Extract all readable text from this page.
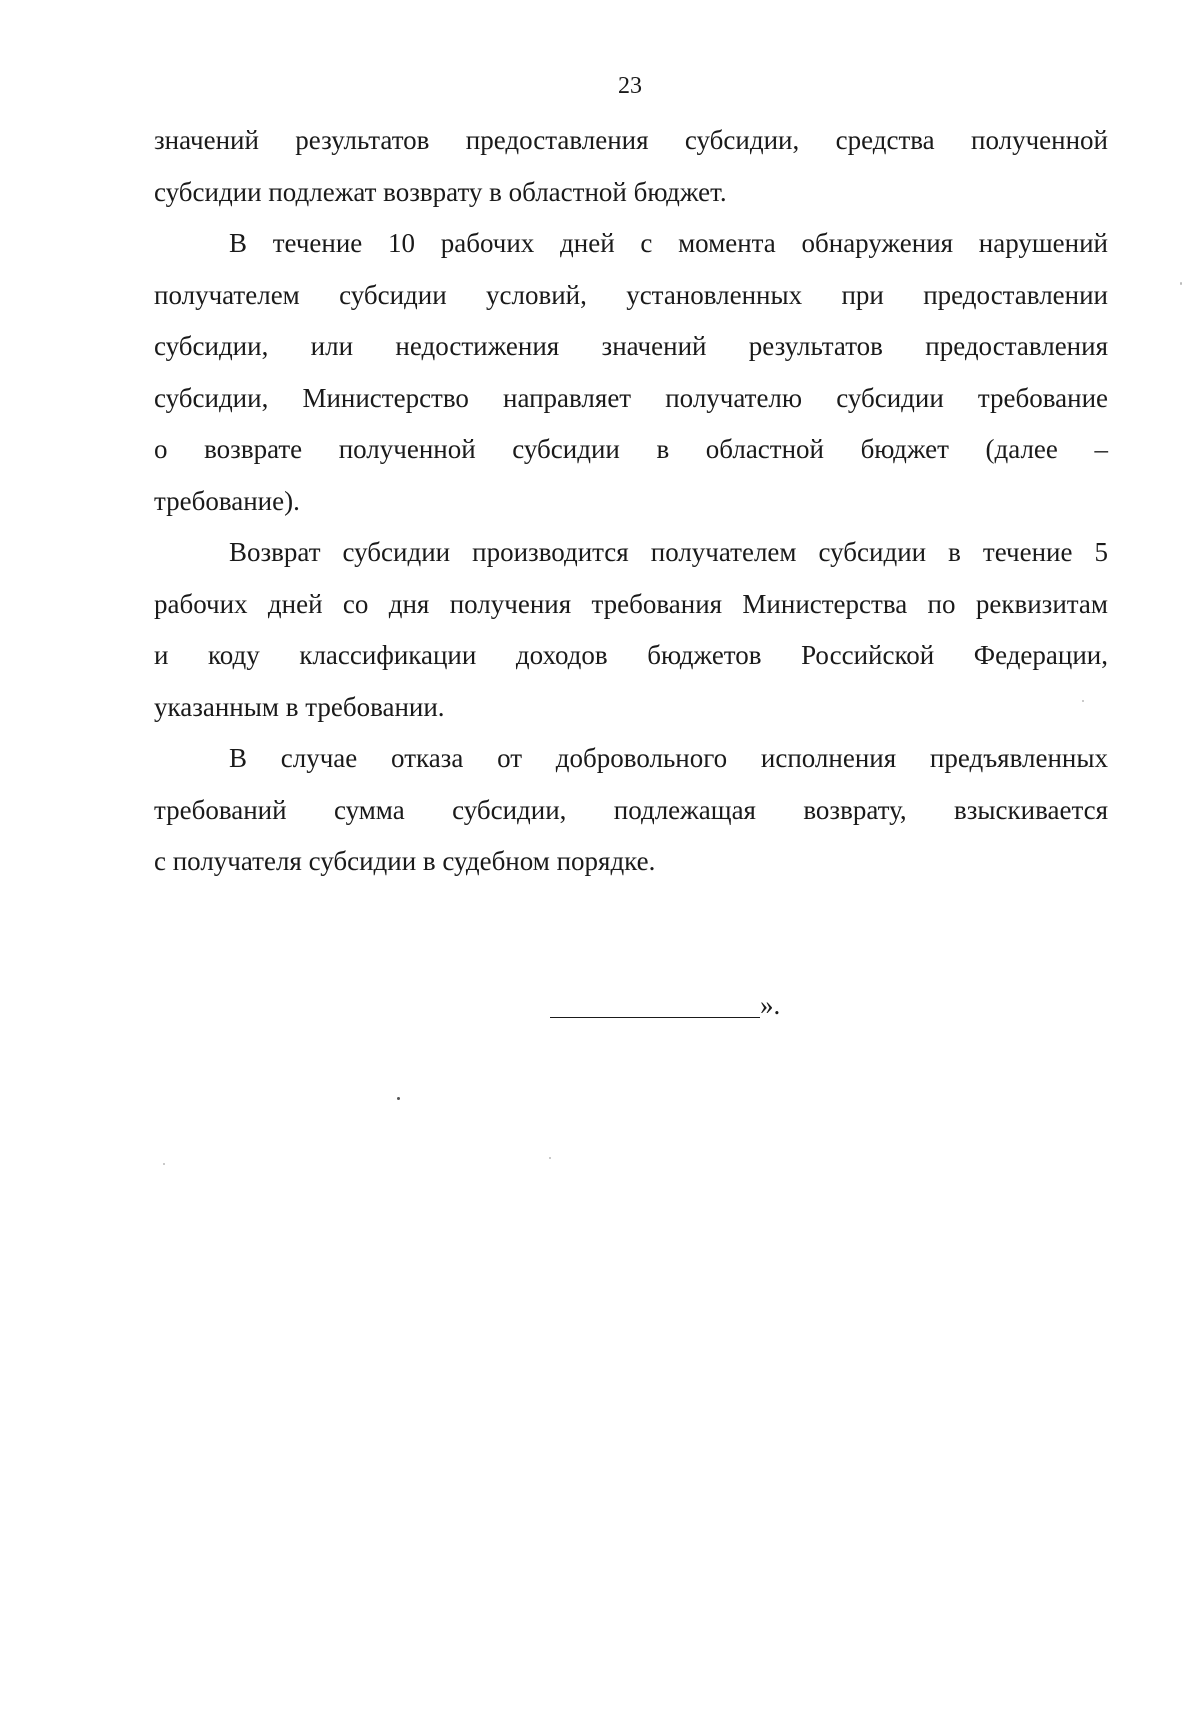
23
значений результатов предоставления субсидии, средства полученной
субсидии подлежат возврату в областной бюджет.
В течение 10 рабочих дней с момента обнаружения нарушений
получателем субсидии условий, установленных при предоставлении
субсидии, или недостижения значений результатов предоставления
субсидии, Министерство направляет получателю субсидии требование
о возврате полученной субсидии в областной бюджет (далее –
требование).
Возврат субсидии производится получателем субсидии в течение 5
рабочих дней со дня получения требования Министерства по реквизитам
и коду классификации доходов бюджетов Российской Федерации,
указанным в требовании.
В случае отказа от добровольного исполнения предъявленных
требований сумма субсидии, подлежащая возврату, взыскивается
с получателя субсидии в судебном порядке.
».
